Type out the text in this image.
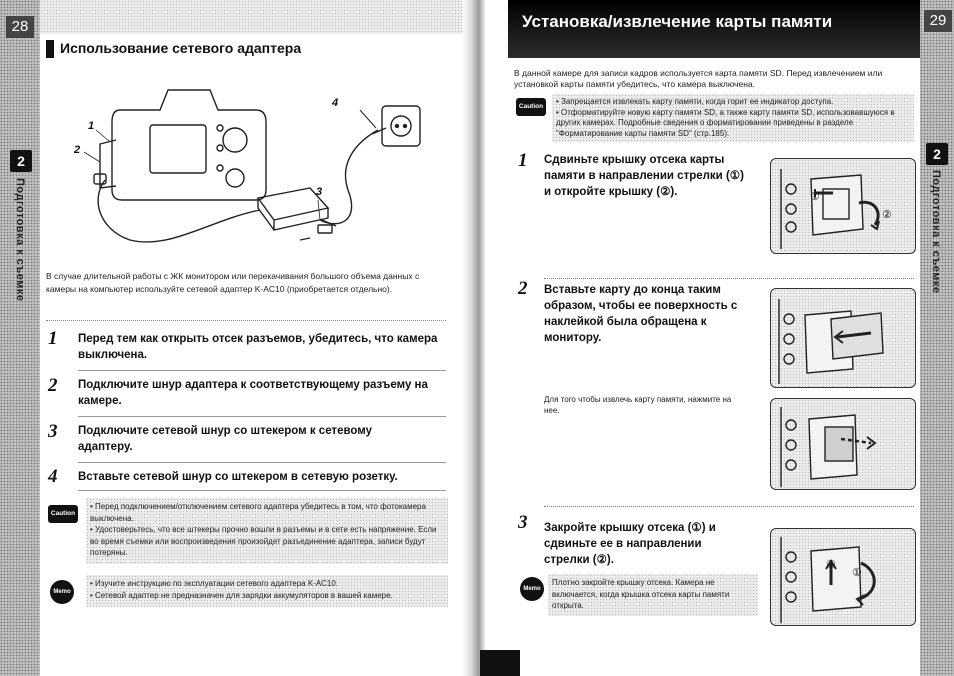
28
2
Подготовка к съемке
Использование сетевого адаптера
1
2
3
4
В случае длительной работы с ЖК монитором или перекачивания большого объема данных с камеры на компьютер используйте сетевой адаптер K-AC10 (приобретается отдельно).
1 Перед тем как открыть отсек разъемов, убедитесь, что камера выключена.
2 Подключите шнур адаптера к соответствующему разъему на камере.
3 Подключите сетевой шнур со штекером к сетевому адаптеру.
4 Вставьте сетевой шнур со штекером в сетевую розетку.
Caution
• Перед подключением/отключением сетевого адаптера убедитесь в том, что фотокамера выключена.
• Удостоверьтесь, что все штекеры прочно вошли в разъемы и в сети есть напряжение. Если во время съемки или воспроизведения произойдет разъединение адаптера, записи будут потеряны.
Memo
• Изучите инструкцию по эксплуатации сетевого адаптера K-AC10.
• Сетевой адаптер не предназначен для зарядки аккумуляторов в вашей камере.
Установка/извлечение карты памяти	29
2
Подготовка к съемке
В данной камере для записи кадров используется карта памяти SD. Перед извлечением или установкой карты памяти убедитесь, что камера выключена.
Caution
• Запрещается извлекать карту памяти, когда горит ее индикатор доступа.
• Отформатируйте новую карту памяти SD, а также карту памяти SD, использовавшуюся в других камерах. Подробные сведения о форматировании приведены в разделе "Форматирование карты памяти SD" (стр.185).
1 Сдвиньте крышку отсека карты памяти в направлении стрелки (①) и откройте крышку (②).	①
②
2 Вставьте карту до конца таким образом, чтобы ее поверхность с наклейкой была обращена к монитору.
Для того чтобы извлечь карту памяти, нажмите на нее.
3 Закройте крышку отсека (①) и сдвиньте ее в направлении стрелки (②).	②
①
Memo
Плотно закройте крышку отсека. Камера не включается, когда крышка отсека карты памяти открыта.
